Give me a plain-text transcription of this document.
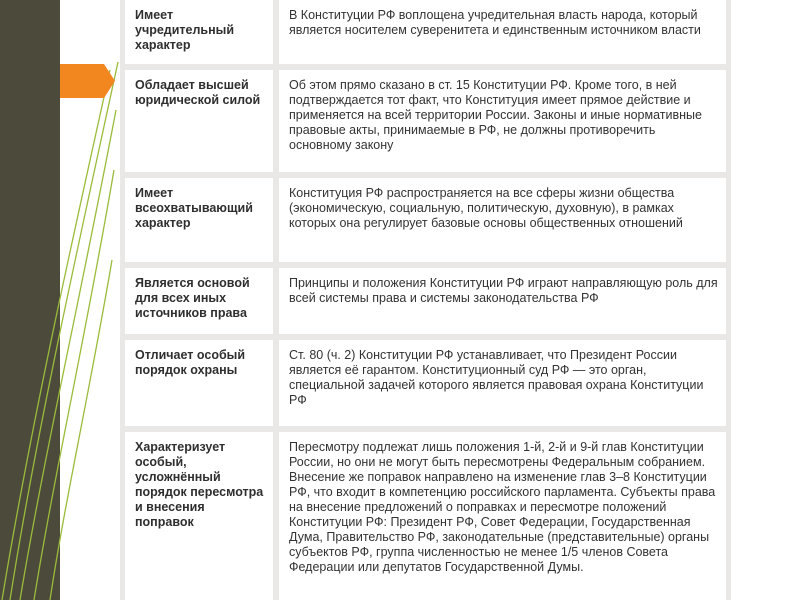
Имеет учредительный характер	В Конституции РФ воплощена учредительная власть народа, который является носителем суверенитета и единственным источником власти
Обладает высшей юридической силой	Об этом прямо сказано в ст. 15 Конституции РФ. Кроме того, в ней подтверждается тот факт, что Конституция имеет прямое действие и применяется на всей территории России. Законы и иные нормативные правовые акты, принимаемые в РФ, не должны противоречить основному закону
Имеет всеохватывающий характер	Конституция РФ распространяется на все сферы жизни общества (экономическую, социальную, политическую, духовную), в рамках которых она регулирует базовые основы общественных отношений
Является основой для всех иных источников права	Принципы и положения Конституции РФ играют направляющую роль для всей системы права и системы законодательства РФ
Отличает особый порядок охраны	Ст. 80 (ч. 2) Конституции РФ устанавливает, что Президент России является её гарантом. Конституционный суд РФ — это орган, специальной задачей которого является правовая охрана Конституции РФ
Характеризует особый, усложнённый порядок пересмотра и внесения поправок	Пересмотру подлежат лишь положения 1-й, 2-й и 9-й глав Конституции России, но они не могут быть пересмотрены Федеральным собранием. Внесение же поправок направлено на изменение глав 3–8 Конституции РФ, что входит в компетенцию российского парламента. Субъекты права на внесение предложений о поправках и пересмотре положений Конституции РФ: Президент РФ, Совет Федерации, Государственная Дума, Правительство РФ, законодательные (представительные) органы субъектов РФ, группа численностью не менее 1/5 членов Совета Федерации или депутатов Государственной Думы.
